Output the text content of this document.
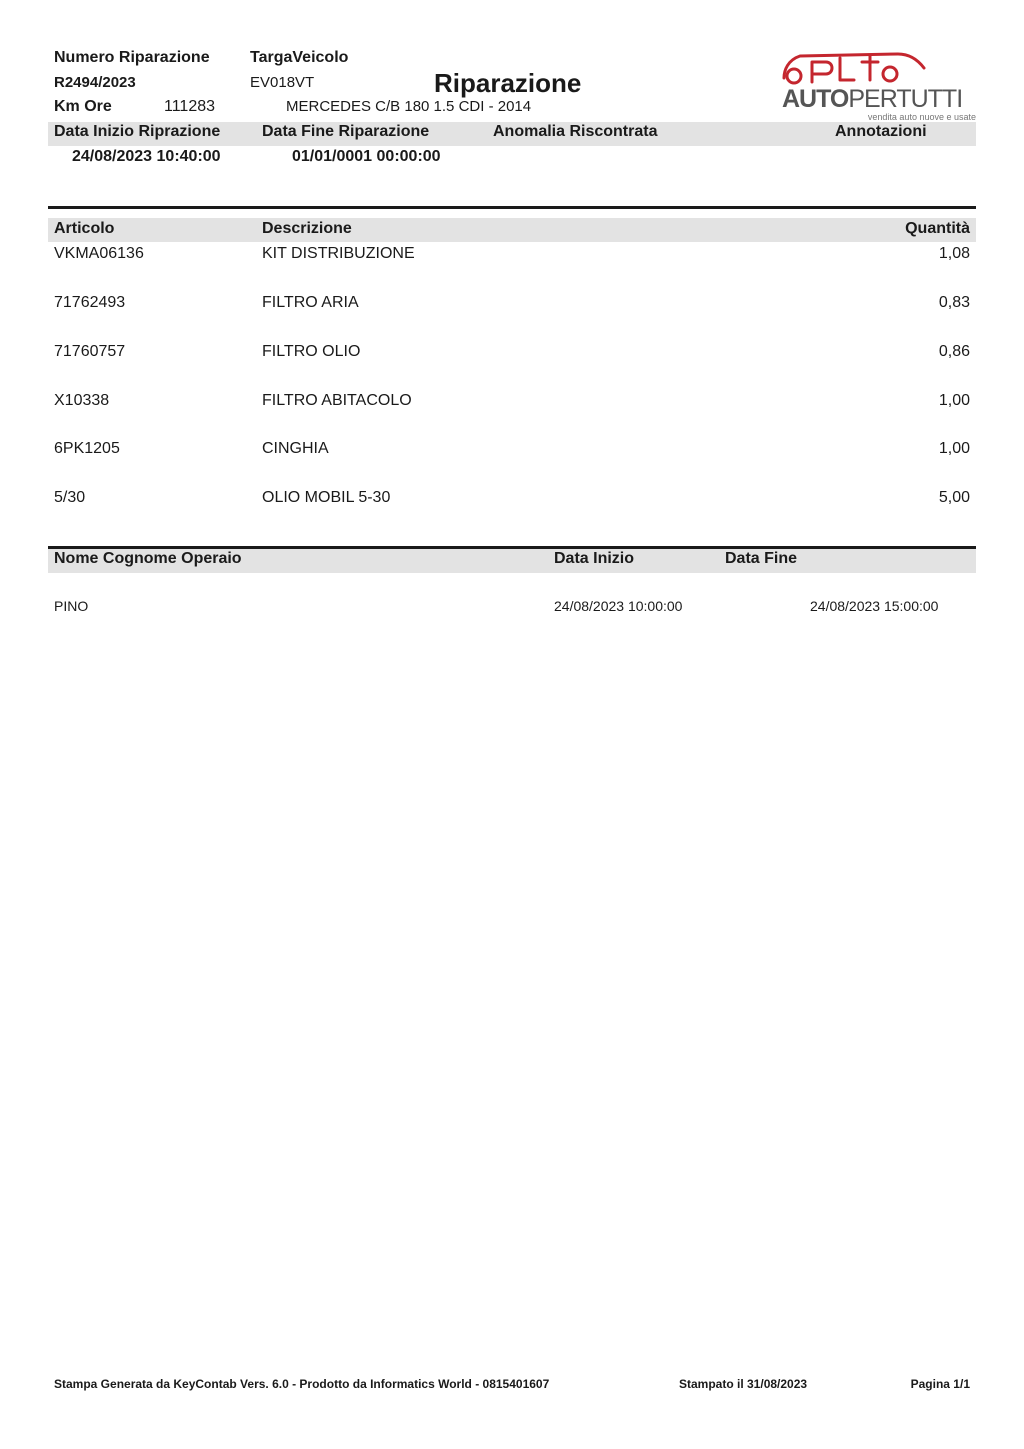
Numero Riparazione
R2494/2023
Km Ore	111283
TargaVeicolo
EV018VT
MERCEDES C/B 180 1.5 CDI - 2014
Riparazione
AUTOPERTUTTI
vendita auto nuove e usate
Data Inizio Riprazione	Data Fine Riparazione	Anomalia Riscontrata	Annotazioni
24/08/2023 10:40:00	01/01/0001 00:00:00
Articolo	Descrizione	Quantità
VKMA06136	KIT DISTRIBUZIONE	1,08
71762493	FILTRO ARIA	0,83
71760757	FILTRO OLIO	0,86
X10338	FILTRO ABITACOLO	1,00
6PK1205	CINGHIA	1,00
5/30	OLIO MOBIL 5-30	5,00
Nome Cognome Operaio	Data Inizio	Data Fine
PINO	24/08/2023 10:00:00	24/08/2023 15:00:00
Stampa Generata da KeyContab Vers. 6.0 - Prodotto da Informatics World - 0815401607	Stampato il 31/08/2023	Pagina 1/1
